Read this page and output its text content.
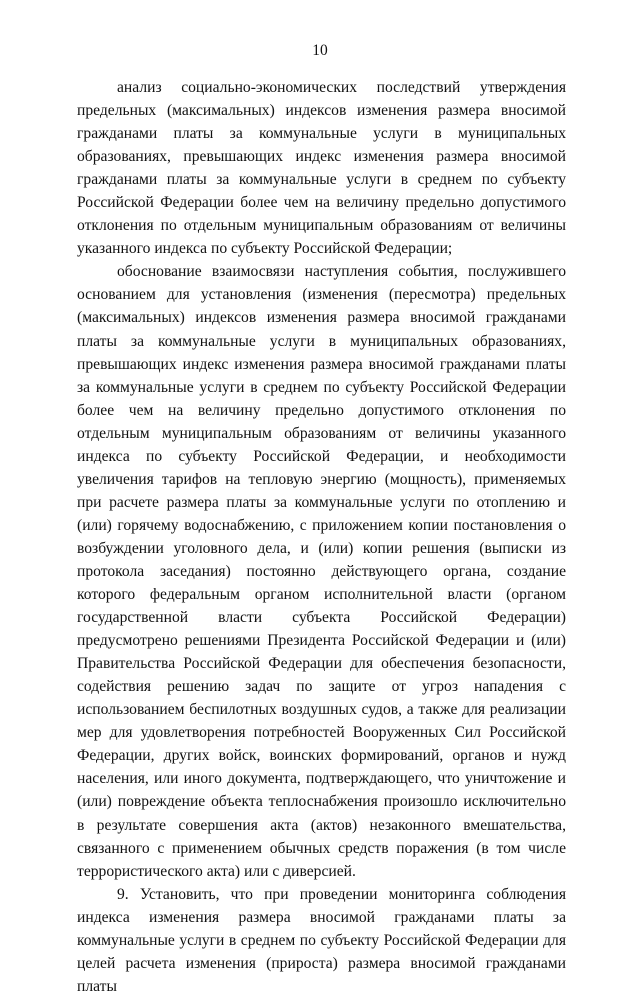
10

анализ социально-экономических последствий утверждения предельных (максимальных) индексов изменения размера вносимой гражданами платы за коммунальные услуги в муниципальных образованиях, превышающих индекс изменения размера вносимой гражданами платы за коммунальные услуги в среднем по субъекту Российской Федерации более чем на величину предельно допустимого отклонения по отдельным муниципальным образованиям от величины указанного индекса по субъекту Российской Федерации;

обоснование взаимосвязи наступления события, послужившего основанием для установления (изменения (пересмотра) предельных (максимальных) индексов изменения размера вносимой гражданами платы за коммунальные услуги в муниципальных образованиях, превышающих индекс изменения размера вносимой гражданами платы за коммунальные услуги в среднем по субъекту Российской Федерации более чем на величину предельно допустимого отклонения по отдельным муниципальным образованиям от величины указанного индекса по субъекту Российской Федерации, и необходимости увеличения тарифов на тепловую энергию (мощность), применяемых при расчете размера платы за коммунальные услуги по отоплению и (или) горячему водоснабжению, с приложением копии постановления о возбуждении уголовного дела, и (или) копии решения (выписки из протокола заседания) постоянно действующего органа, создание которого федеральным органом исполнительной власти (органом государственной власти субъекта Российской Федерации) предусмотрено решениями Президента Российской Федерации и (или) Правительства Российской Федерации для обеспечения безопасности, содействия решению задач по защите от угроз нападения с использованием беспилотных воздушных судов, а также для реализации мер для удовлетворения потребностей Вооруженных Сил Российской Федерации, других войск, воинских формирований, органов и нужд населения, или иного документа, подтверждающего, что уничтожение и (или) повреждение объекта теплоснабжения произошло исключительно в результате совершения акта (актов) незаконного вмешательства, связанного с применением обычных средств поражения (в том числе террористического акта) или с диверсией.

9. Установить, что при проведении мониторинга соблюдения индекса изменения размера вносимой гражданами платы за коммунальные услуги в среднем по субъекту Российской Федерации для целей расчета изменения (прироста) размера вносимой гражданами платы
